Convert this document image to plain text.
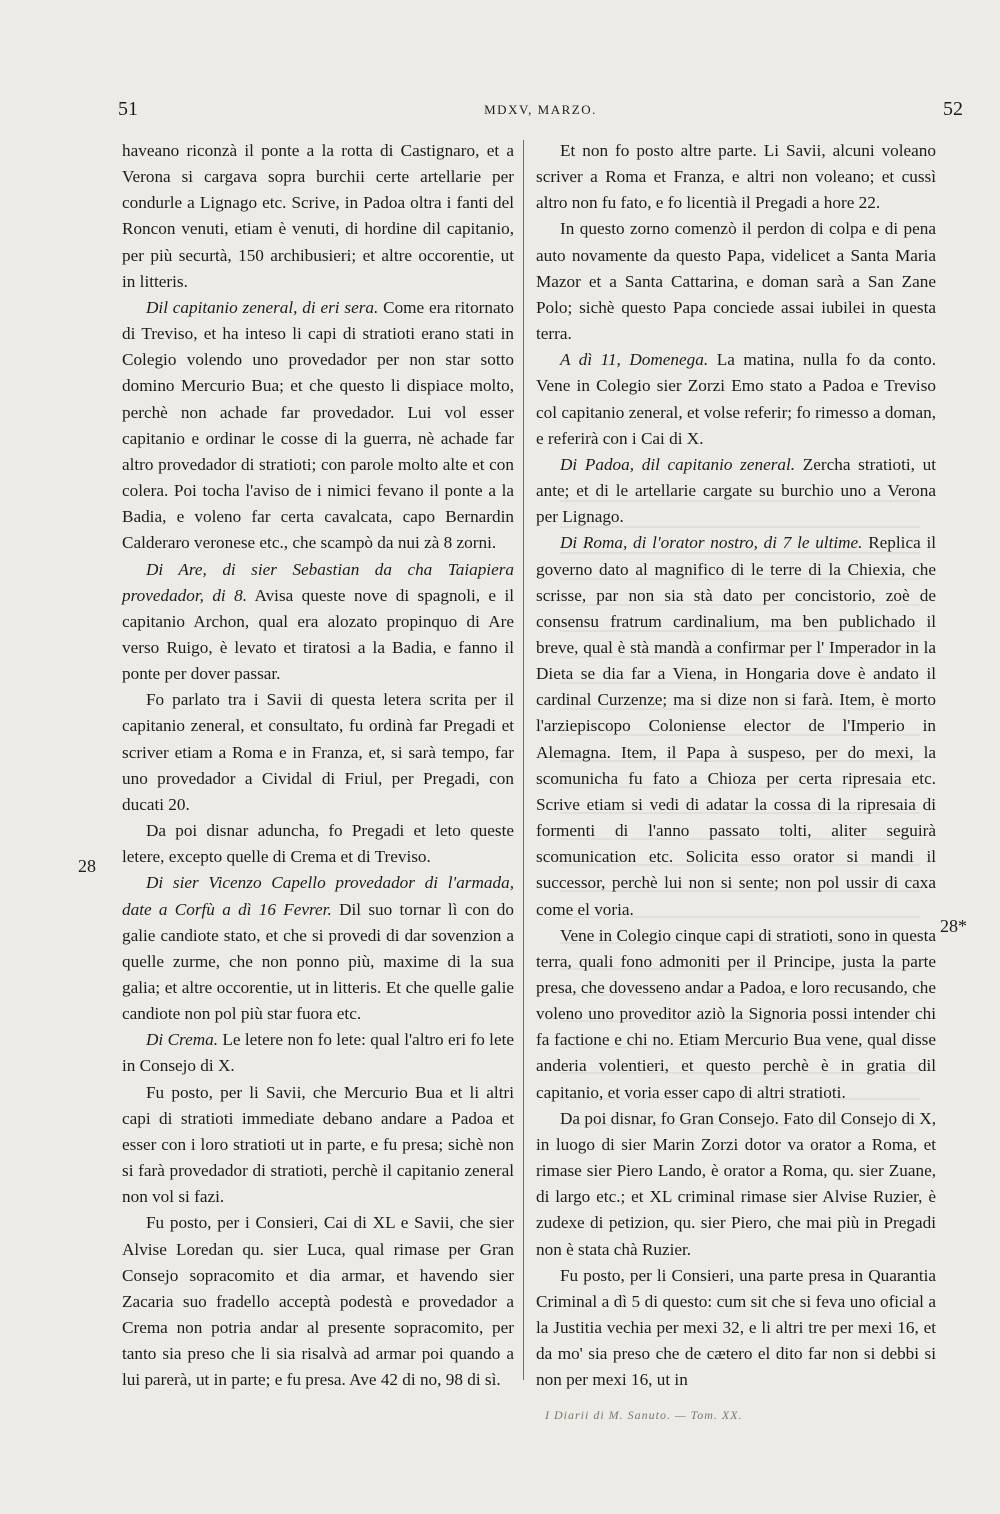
51	MDXV, MARZO.	52
28
28*

haveano riconzà il ponte a la rotta di Castignaro, et a Verona si cargava sopra burchii certe artellarie per condurle a Lignago etc. Scrive, in Padoa oltra i fanti del Roncon venuti, etiam è venuti, di hordine dil capitanio, per più securtà, 150 archibusieri; et altre occorentie, ut in litteris.

Dil capitanio zeneral, di eri sera. Come era ritornato di Treviso, et ha inteso li capi di stratioti erano stati in Colegio volendo uno provedador per non star sotto domino Mercurio Bua; et che questo li dispiace molto, perchè non achade far provedador. Lui vol esser capitanio e ordinar le cosse di la guerra, nè achade far altro provedador di stratioti; con parole molto alte et con colera. Poi tocha l'aviso de i nimici fevano il ponte a la Badia, e voleno far certa cavalcata, capo Bernardin Calderaro veronese etc., che scampò da nui zà 8 zorni.

Di Are, di sier Sebastian da cha Taiapiera provedador, di 8. Avisa queste nove di spagnoli, e il capitanio Archon, qual era alozato propinquo di Are verso Ruigo, è levato et tiratosi a la Badia, e fanno il ponte per dover passar.

Fo parlato tra i Savii di questa letera scrita per il capitanio zeneral, et consultato, fu ordinà far Pregadi et scriver etiam a Roma e in Franza, et, si sarà tempo, far uno provedador a Cividal di Friul, per Pregadi, con ducati 20.

Da poi disnar aduncha, fo Pregadi et leto queste letere, excepto quelle di Crema et di Treviso.

Di sier Vicenzo Capello provedador di l'armada, date a Corfù a dì 16 Fevrer. Dil suo tornar lì con do galie candiote stato, et che si provedi di dar sovenzion a quelle zurme, che non ponno più, maxime di la sua galia; et altre occorentie, ut in litteris. Et che quelle galie candiote non pol più star fuora etc.

Di Crema. Le letere non fo lete: qual l'altro eri fo lete in Consejo di X.

Fu posto, per li Savii, che Mercurio Bua et li altri capi di stratioti immediate debano andare a Padoa et esser con i loro stratioti ut in parte, e fu presa; sichè non si farà provedador di stratioti, perchè il capitanio zeneral non vol si fazi.

Fu posto, per i Consieri, Cai di XL e Savii, che sier Alvise Loredan qu. sier Luca, qual rimase per Gran Consejo sopracomito et dia armar, et havendo sier Zacaria suo fradello acceptà podestà e provedador a Crema non potria andar al presente sopracomito, per tanto sia preso che li sia risalvà ad armar poi quando a lui parerà, ut in parte; e fu presa. Ave 42 di no, 98 di sì.

Et non fo posto altre parte. Li Savii, alcuni voleano scriver a Roma et Franza, e altri non voleano; et cussì altro non fu fato, e fo licentià il Pregadi a hore 22.

In questo zorno comenzò il perdon di colpa e di pena auto novamente da questo Papa, videlicet a Santa Maria Mazor et a Santa Cattarina, e doman sarà a San Zane Polo; sichè questo Papa conciede assai iubilei in questa terra.

A dì 11, Domenega. La matina, nulla fo da conto. Vene in Colegio sier Zorzi Emo stato a Padoa e Treviso col capitanio zeneral, et volse referir; fo rimesso a doman, e referirà con i Cai di X.

Di Padoa, dil capitanio zeneral. Zercha stratioti, ut ante; et di le artellarie cargate su burchio uno a Verona per Lignago.

Di Roma, di l'orator nostro, di 7 le ultime. Replica il governo dato al magnifico di le terre di la Chiexia, che scrisse, par non sia stà dato per concistorio, zoè de consensu fratrum cardinalium, ma ben publichado il breve, qual è stà mandà a confirmar per l' Imperador in la Dieta se dia far a Viena, in Hongaria dove è andato il cardinal Curzenze; ma si dize non si farà. Item, è morto l'arziepiscopo Coloniense elector de l'Imperio in Alemagna. Item, il Papa à suspeso, per do mexi, la scomunicha fu fato a Chioza per certa ripresaia etc. Scrive etiam si vedi di adatar la cossa di la ripresaia di formenti di l'anno passato tolti, aliter seguirà scomunication etc. Solicita esso orator si mandi il successor, perchè lui non si sente; non pol ussir di caxa come el voria.

Vene in Colegio cinque capi di stratioti, sono in questa terra, quali fono admoniti per il Principe, justa la parte presa, che dovesseno andar a Padoa, e loro recusando, che voleno uno proveditor aziò la Signoria possi intender chi fa factione e chi no. Etiam Mercurio Bua vene, qual disse anderia volentieri, et questo perchè è in gratia dil capitanio, et voria esser capo di altri stratioti.

Da poi disnar, fo Gran Consejo. Fato dil Consejo di X, in luogo di sier Marin Zorzi dotor va orator a Roma, et rimase sier Piero Lando, è orator a Roma, qu. sier Zuane, di largo etc.; et XL criminal rimase sier Alvise Ruzier, è zudexe di petizion, qu. sier Piero, che mai più in Pregadi non è stata chà Ruzier.

Fu posto, per li Consieri, una parte presa in Quarantia Criminal a dì 5 di questo: cum sit che si feva uno oficial a la Justitia vechia per mexi 32, e li altri tre per mexi 16, et da mo' sia preso che de cætero el dito far non si debbi si non per mexi 16, ut in

I Diarii di M. Sanuto. — Tom. XX.
